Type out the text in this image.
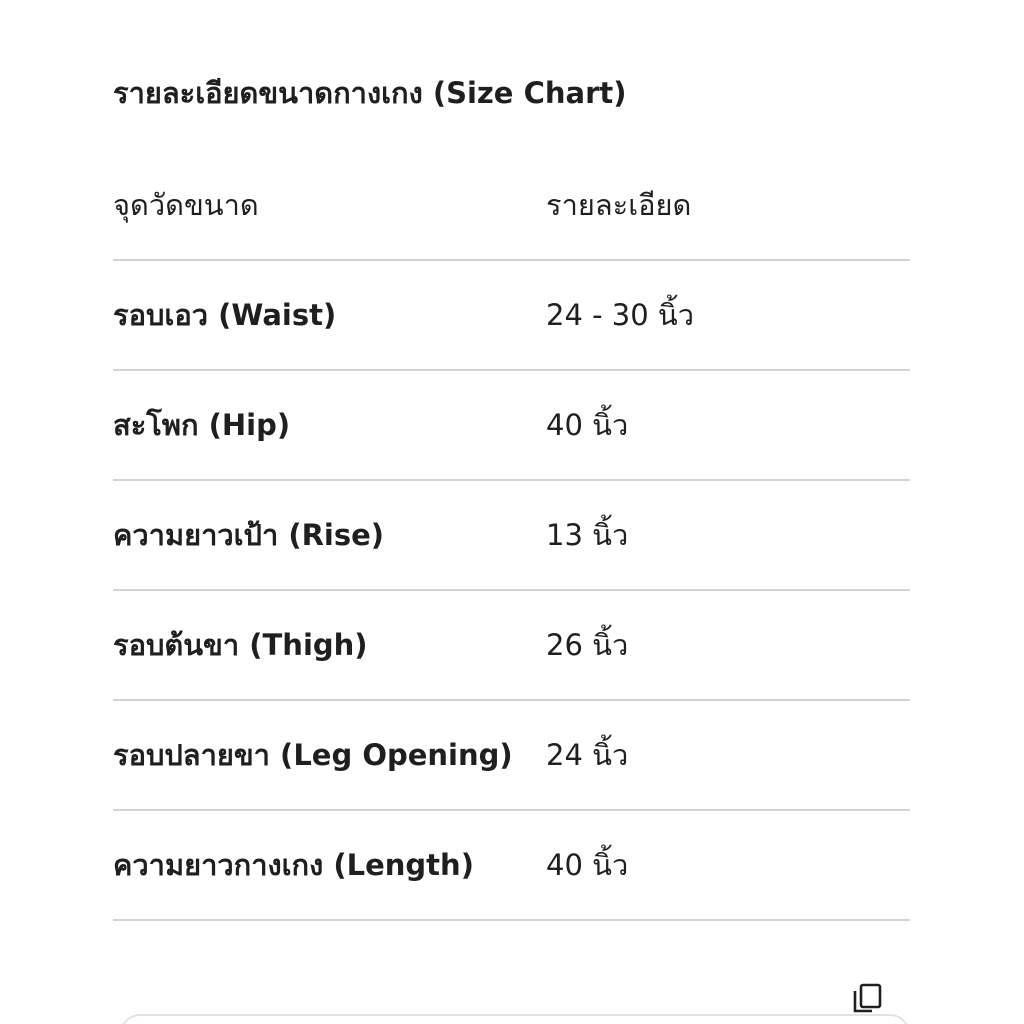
รายละเอียดขนาดกางเกง (Size Chart)
จุดวัดขนาด	รายละเอียด
รอบเอว (Waist)	24 - 30 นิ้ว
สะโพก (Hip)	40 นิ้ว
ความยาวเป้า (Rise)	13 นิ้ว
รอบต้นขา (Thigh)	26 นิ้ว
รอบปลายขา (Leg Opening) 24 นิ้ว
ความยาวกางเกง (Length) 40 นิ้ว
